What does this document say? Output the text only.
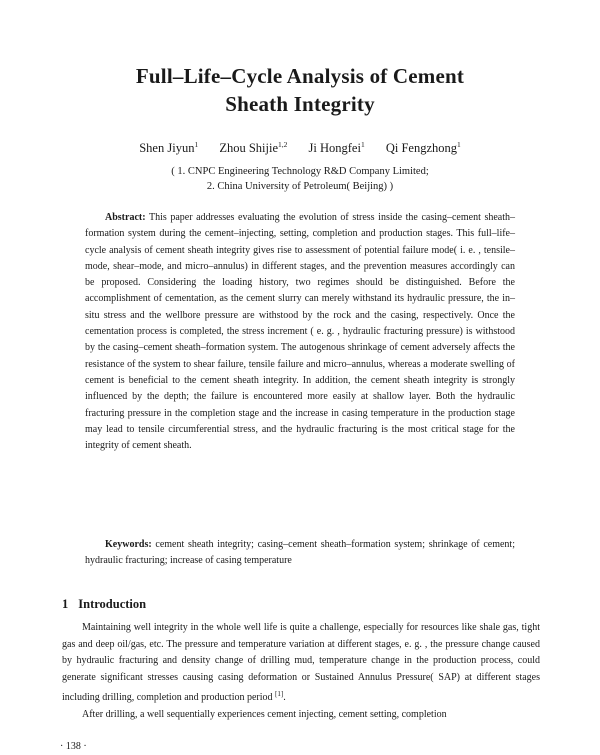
Full–Life–Cycle Analysis of Cement
Sheath Integrity
Shen Jiyun$^1$ Zhou Shijie$^{1,2}$ Ji Hongfei$^1$ Qi Fengzhong$^1$
( 1. CNPC Engineering Technology R&D Company Limited;
2. China University of Petroleum( Beijing) )

Abstract: This paper addresses evaluating the evolution of stress inside the casing–cement sheath–formation system during the cement–injecting, setting, completion and production stages. This full–life–cycle analysis of cement sheath integrity gives rise to assessment of potential failure mode( i. e. , tensile–mode, shear–mode, and micro–annulus) in different stages, and the prevention measures accordingly can be proposed. Considering the loading history, two regimes should be distinguished. Before the accomplishment of cementation, as the cement slurry can merely withstand its hydraulic pressure, the in–situ stress and the wellbore pressure are withstood by the rock and the casing, respectively. Once the cementation process is completed, the stress increment ( e. g. , hydraulic fracturing pressure) is withstood by the casing–cement sheath–formation system. The autogenous shrinkage of cement adversely affects the resistance of the system to shear failure, tensile failure and micro–annulus, whereas a moderate swelling of cement is beneficial to the cement sheath integrity. In addition, the cement sheath integrity is strongly influenced by the depth; the failure is encountered more easily at shallow layer. Both the hydraulic fracturing pressure in the completion stage and the increase in casing temperature in the production stage may lead to tensile circumferential stress, and the hydraulic fracturing is the most critical stage for the integrity of cement sheath.

Keywords: cement sheath integrity; casing–cement sheath–formation system; shrinkage of cement; hydraulic fracturing; increase of casing temperature

1 Introduction

Maintaining well integrity in the whole well life is quite a challenge, especially for resources like shale gas, tight gas and deep oil/gas, etc. The pressure and temperature variation at different stages, e. g. , the pressure change caused by hydraulic fracturing and density change of drilling mud, temperature change in the production process, could generate significant stresses causing casing deformation or Sustained Annulus Pressure( SAP) at different stages including drilling, completion and production period [1].

After drilling, a well sequentially experiences cement injecting, cement setting, completion

· 138 ·
